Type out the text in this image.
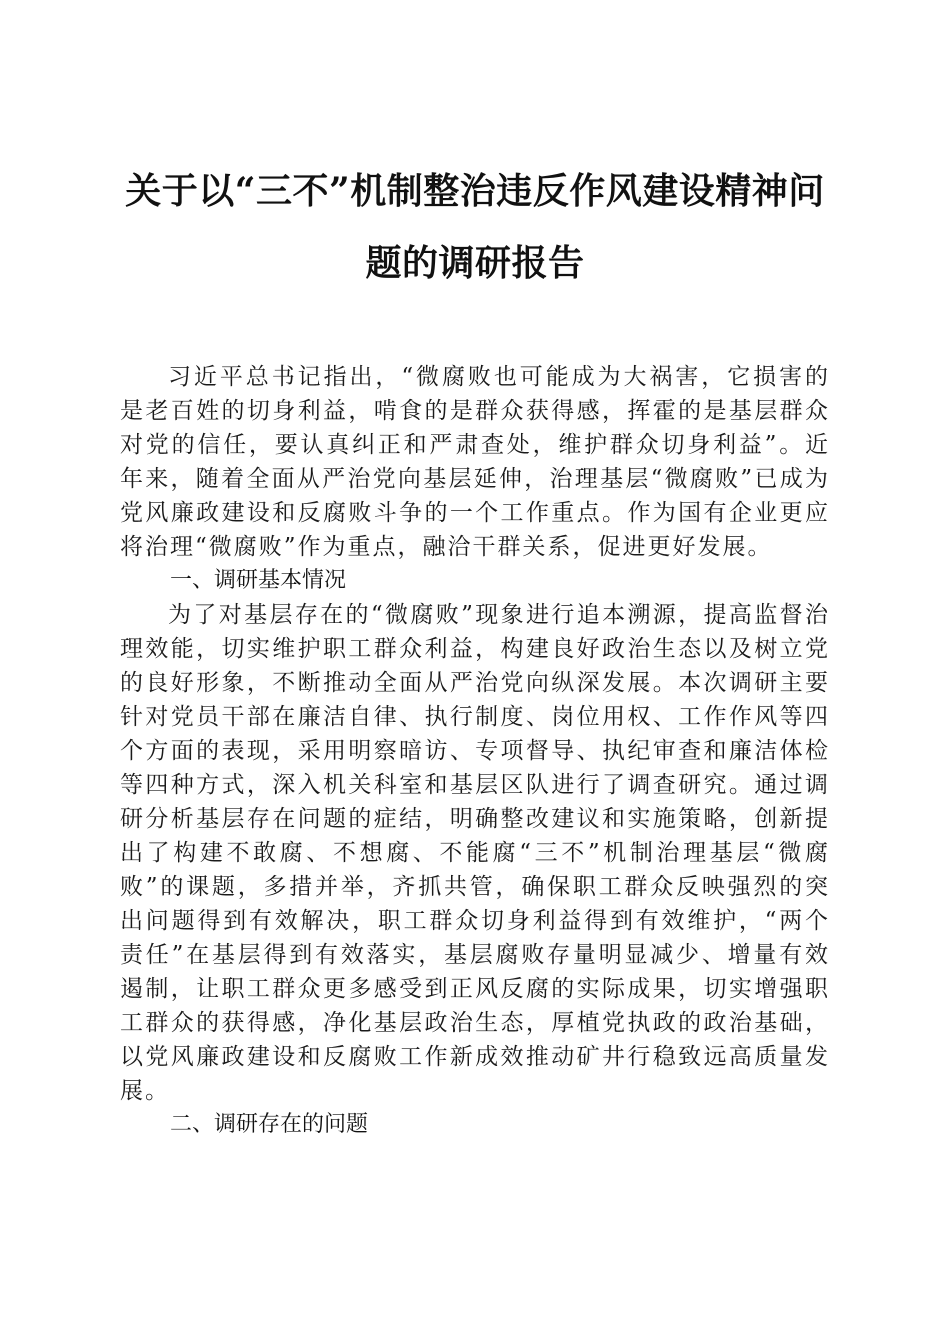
关于以“三不”机制整治违反作风建设精神问
题的调研报告

习近平总书记指出，“微腐败也可能成为大祸害，它损害的是老百姓的切身利益，啃食的是群众获得感，挥霍的是基层群众对党的信任，要认真纠正和严肃查处，维护群众切身利益”。近年来，随着全面从严治党向基层延伸，治理基层“微腐败”已成为党风廉政建设和反腐败斗争的一个工作重点。作为国有企业更应将治理“微腐败”作为重点，融洽干群关系，促进更好发展。

一、调研基本情况

为了对基层存在的“微腐败”现象进行追本溯源，提高监督治理效能，切实维护职工群众利益，构建良好政治生态以及树立党的良好形象，不断推动全面从严治党向纵深发展。本次调研主要针对党员干部在廉洁自律、执行制度、岗位用权、工作作风等四个方面的表现，采用明察暗访、专项督导、执纪审查和廉洁体检等四种方式，深入机关科室和基层区队进行了调查研究。通过调研分析基层存在问题的症结，明确整改建议和实施策略，创新提出了构建不敢腐、不想腐、不能腐“三不”机制治理基层“微腐败”的课题，多措并举，齐抓共管，确保职工群众反映强烈的突出问题得到有效解决，职工群众切身利益得到有效维护，“两个责任”在基层得到有效落实，基层腐败存量明显减少、增量有效遏制，让职工群众更多感受到正风反腐的实际成果，切实增强职工群众的获得感，净化基层政治生态，厚植党执政的政治基础，以党风廉政建设和反腐败工作新成效推动矿井行稳致远高质量发展。

二、调研存在的问题
